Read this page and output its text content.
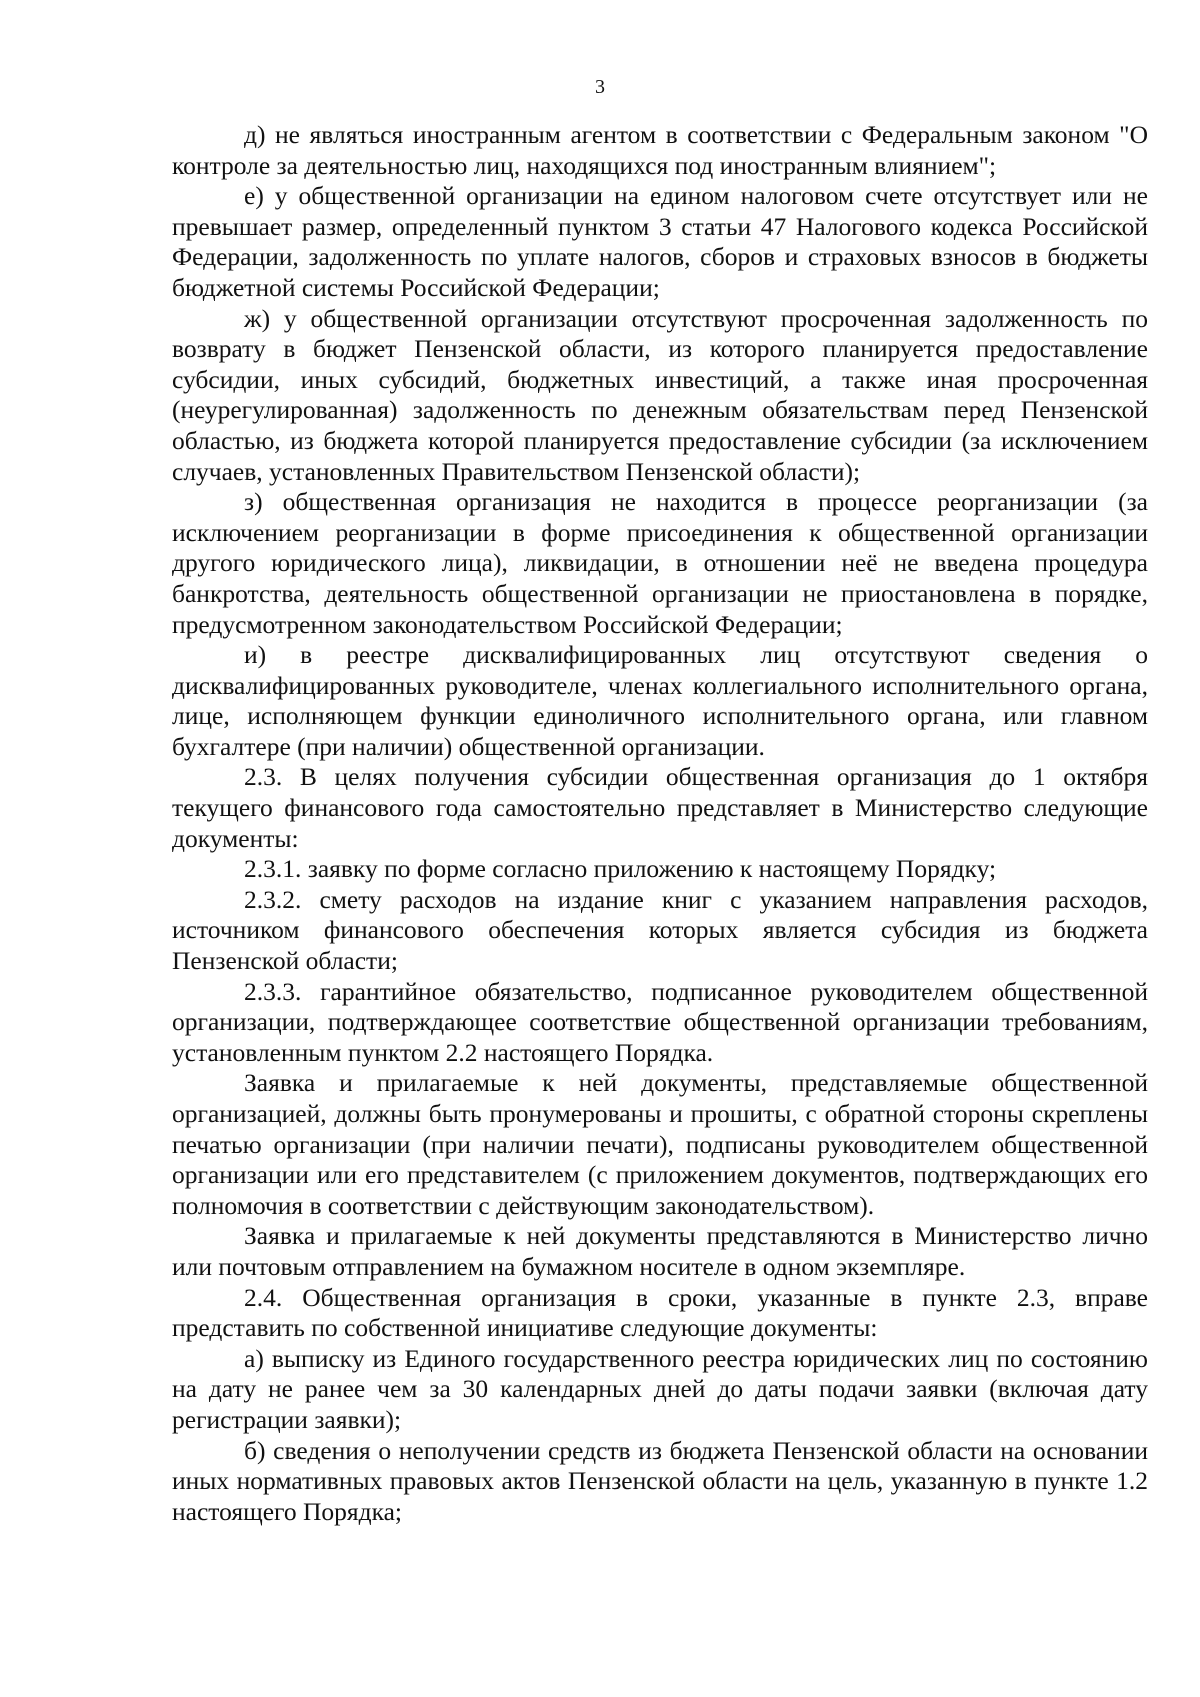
3

д) не являться иностранным агентом в соответствии с Федеральным законом "О контроле за деятельностью лиц, находящихся под иностранным влиянием";

е) у общественной организации на едином налоговом счете отсутствует или не превышает размер, определенный пунктом 3 статьи 47 Налогового кодекса Российской Федерации, задолженность по уплате налогов, сборов и страховых взносов в бюджеты бюджетной системы Российской Федерации;

ж) у общественной организации отсутствуют просроченная задолженность по возврату в бюджет Пензенской области, из которого планируется предоставление субсидии, иных субсидий, бюджетных инвестиций, а также иная просроченная (неурегулированная) задолженность по денежным обязательствам перед Пензенской областью, из бюджета которой планируется предоставление субсидии (за исключением случаев, установленных Правительством Пензенской области);

з) общественная организация не находится в процессе реорганизации (за исключением реорганизации в форме присоединения к общественной организации другого юридического лица), ликвидации, в отношении неё не введена процедура банкротства, деятельность общественной организации не приостановлена в порядке, предусмотренном законодательством Российской Федерации;

и) в реестре дисквалифицированных лиц отсутствуют сведения о дисквалифицированных руководителе, членах коллегиального исполнительного органа, лице, исполняющем функции единоличного исполнительного органа, или главном бухгалтере (при наличии) общественной организации.

2.3. В целях получения субсидии общественная организация до 1 октября текущего финансового года самостоятельно представляет в Министерство следующие документы:

2.3.1. заявку по форме согласно приложению к настоящему Порядку;

2.3.2. смету расходов на издание книг с указанием направления расходов, источником финансового обеспечения которых является субсидия из бюджета Пензенской области;

2.3.3. гарантийное обязательство, подписанное руководителем общественной организации, подтверждающее соответствие общественной организации требованиям, установленным пунктом 2.2 настоящего Порядка.

Заявка и прилагаемые к ней документы, представляемые общественной организацией, должны быть пронумерованы и прошиты, с обратной стороны скреплены печатью организации (при наличии печати), подписаны руководителем общественной организации или его представителем (с приложением документов, подтверждающих его полномочия в соответствии с действующим законодательством).

Заявка и прилагаемые к ней документы представляются в Министерство лично или почтовым отправлением на бумажном носителе в одном экземпляре.

2.4. Общественная организация в сроки, указанные в пункте 2.3, вправе представить по собственной инициативе следующие документы:

а) выписку из Единого государственного реестра юридических лиц по состоянию на дату не ранее чем за 30 календарных дней до даты подачи заявки (включая дату регистрации заявки);

б) сведения о неполучении средств из бюджета Пензенской области на основании иных нормативных правовых актов Пензенской области на цель, указанную в пункте 1.2 настоящего Порядка;
